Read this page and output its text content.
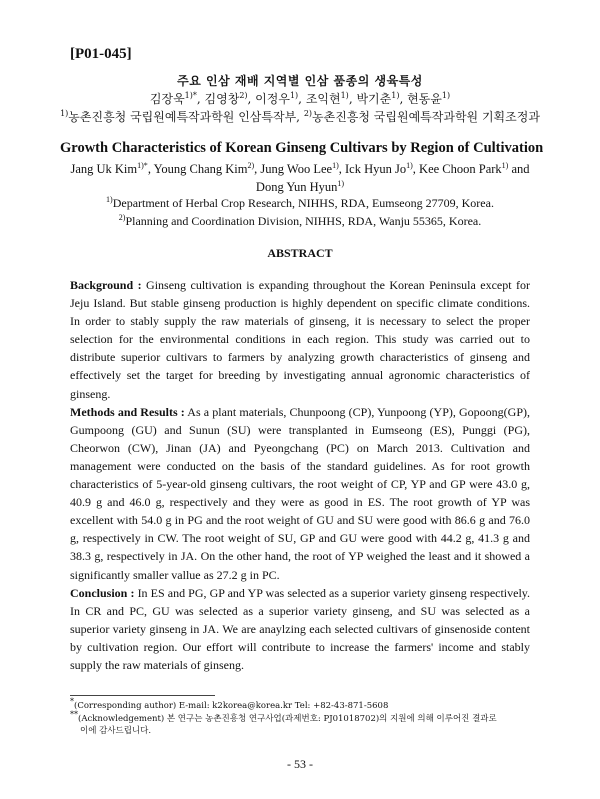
[P01-045]
주요 인삼 재배 지역별 인삼 품종의 생육특성
김장욱$^{1)*}$, 김영창$^{2)}$, 이정우$^{1)}$, 조익현$^{1)}$, 박기춘$^{1)}$, 현동윤$^{1)}$
$^{1)}$농촌진흥청 국립원예특작과학원 인삼특작부, $^{2)}$농촌진흥청 국립원예특작과학원 기획조정과
Growth Characteristics of Korean Ginseng Cultivars by Region of Cultivation
Jang Uk Kim$^{1)*}$, Young Chang Kim$^{2)}$, Jung Woo Lee$^{1)}$, Ick Hyun Jo$^{1)}$, Kee Choon Park$^{1)}$ and
Dong Yun Hyun$^{1)}$
$^{1)}$Department of Herbal Crop Research, NIHHS, RDA, Eumseong 27709, Korea.
$^{2)}$Planning and Coordination Division, NIHHS, RDA, Wanju 55365, Korea.
ABSTRACT

Background : Ginseng cultivation is expanding throughout the Korean Peninsula except for Jeju Island. But stable ginseng production is highly dependent on specific climate conditions. In order to stably supply the raw materials of ginseng, it is necessary to select the proper selection for the environmental conditions in each region. This study was carried out to distribute superior cultivars to farmers by analyzing growth characteristics of ginseng and effectively set the target for breeding by investigating annual agronomic characteristics of ginseng.

Methods and Results : As a plant materials, Chunpoong (CP), Yunpoong (YP), Gopoong(GP), Gumpoong (GU) and Sunun (SU) were transplanted in Eumseong (ES), Punggi (PG), Cheorwon (CW), Jinan (JA) and Pyeongchang (PC) on March 2013. Cultivation and management were conducted on the basis of the standard guidelines. As for root growth characteristics of 5-year-old ginseng cultivars, the root weight of CP, YP and GP were 43.0 g, 40.9 g and 46.0 g, respectively and they were as good in ES. The root growth of YP was excellent with 54.0 g in PG and the root weight of GU and SU were good with 86.6 g and 76.0 g, respectively in CW. The root weight of SU, GP and GU were good with 44.2 g, 41.3 g and 38.3 g, respectively in JA. On the other hand, the root of YP weighed the least and it showed a significantly smaller vallue as 27.2 g in PC.

Conclusion : In ES and PG, GP and YP was selected as a superior variety ginseng respectively. In CR and PC, GU was selected as a superior variety ginseng, and SU was selected as a superior variety ginseng in JA. We are anaylzing each selected cultivars of ginsenoside content by cultivation region. Our effort will contribute to increase the farmers' income and stably supply the raw materials of ginseng.

*(Corresponding author) E-mail: k2korea@korea.kr Tel: +82-43-871-5608
**(Acknowledgement) 본 연구는 농촌진흥청 연구사업(과제번호: PJ01018702)의 지원에 의해 이루어진 결과로
이에 감사드립니다.
- 53 -
